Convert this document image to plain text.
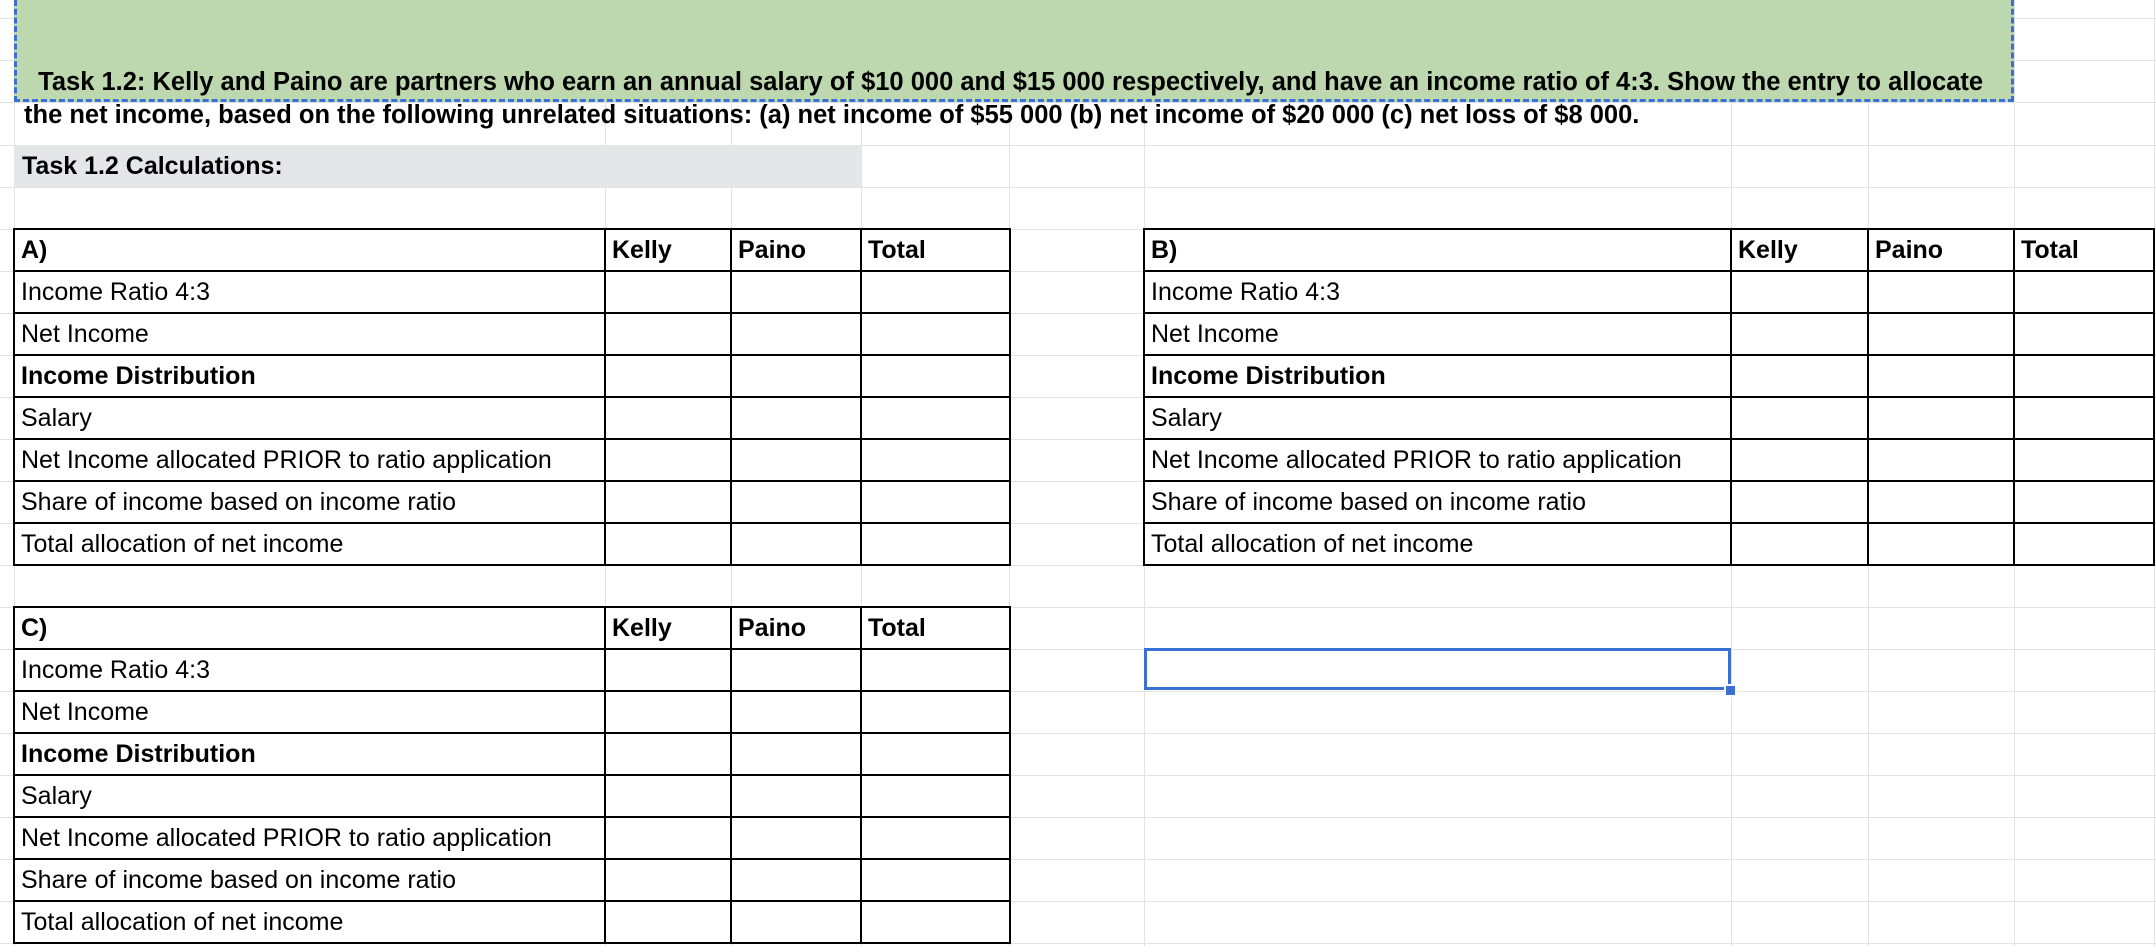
Task 1.2: Kelly and Paino are partners who earn an annual salary of $10 000 and $15 000 respectively, and have an income ratio of 4:3. Show the entry to allocate
the net income, based on the following unrelated situations: (a) net income of $55 000 (b) net income of $20 000 (c) net loss of $8 000.

Task 1.2 Calculations:
A)	Kelly	Paino	Total
Income Ratio 4:3
Net Income
Income Distribution
Salary
Net Income allocated PRIOR to ratio application
Share of income based on income ratio
Total allocation of net income
B)	Kelly	Paino	Total
Income Ratio 4:3
Net Income
Income Distribution
Salary
Net Income allocated PRIOR to ratio application
Share of income based on income ratio
Total allocation of net income
C)	Kelly	Paino	Total
Income Ratio 4:3
Net Income
Income Distribution
Salary
Net Income allocated PRIOR to ratio application
Share of income based on income ratio
Total allocation of net income
